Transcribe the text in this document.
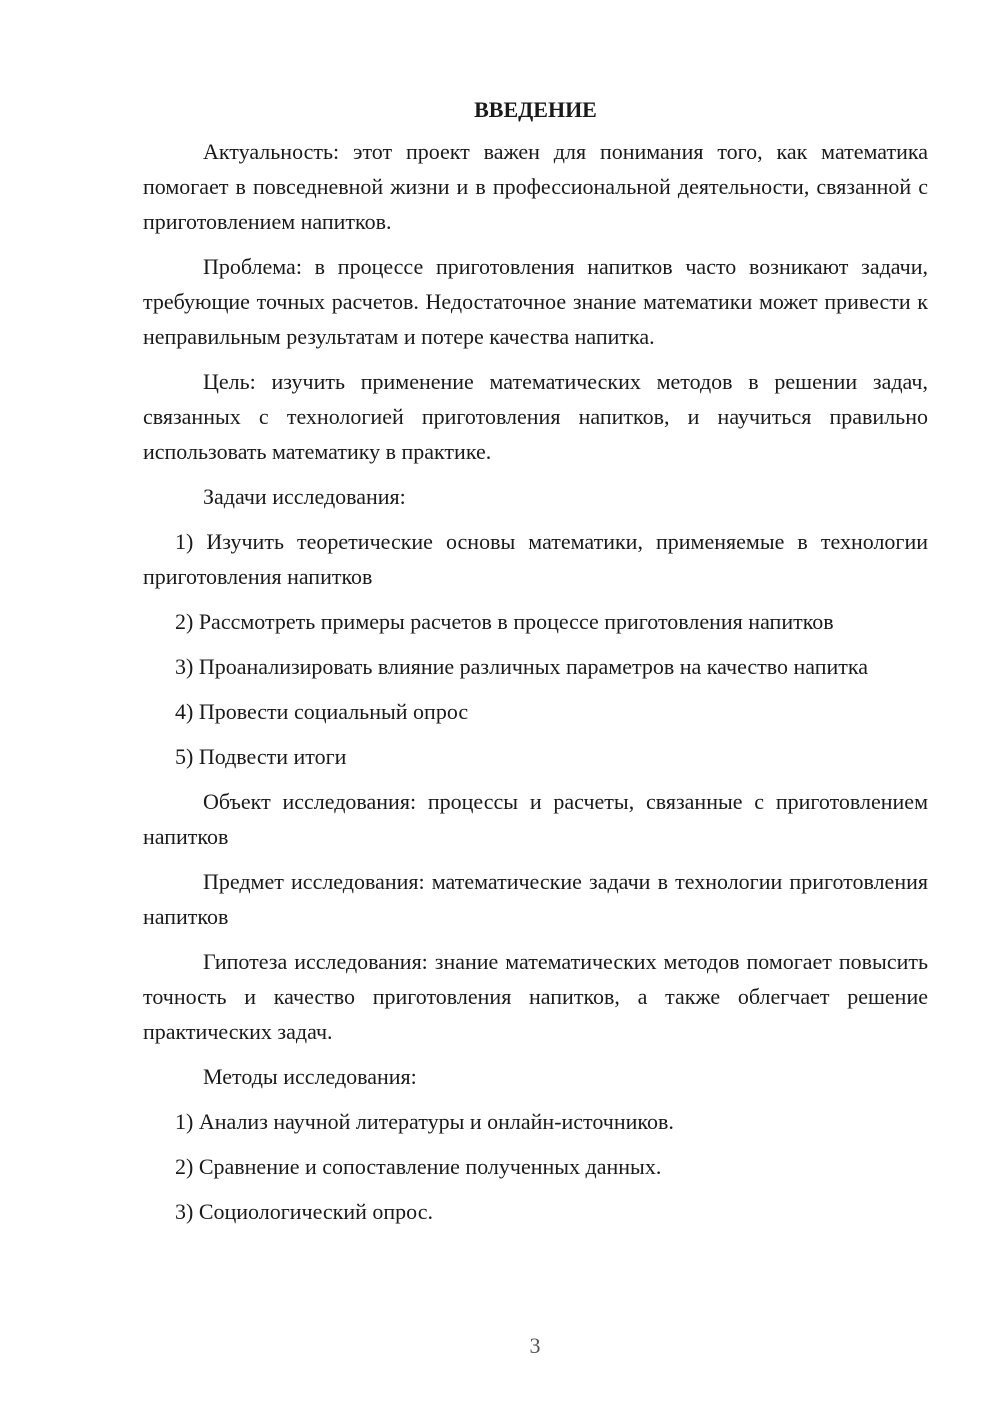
ВВЕДЕНИЕ

Актуальность: этот проект важен для понимания того, как математика помогает в повседневной жизни и в профессиональной деятельности, связанной с приготовлением напитков.

Проблема: в процессе приготовления напитков часто возникают задачи, требующие точных расчетов. Недостаточное знание математики может привести к неправильным результатам и потере качества напитка.

Цель: изучить применение математических методов в решении задач, связанных с технологией приготовления напитков, и научиться правильно использовать математику в практике.

Задачи исследования:

1) Изучить теоретические основы математики, применяемые в технологии приготовления напитков

2) Рассмотреть примеры расчетов в процессе приготовления напитков

3) Проанализировать влияние различных параметров на качество напитка

4) Провести социальный опрос

5) Подвести итоги

Объект исследования: процессы и расчеты, связанные с приготовлением напитков

Предмет исследования: математические задачи в технологии приготовления напитков

Гипотеза исследования: знание математических методов помогает повысить точность и качество приготовления напитков, а также облегчает решение практических задач.

Методы исследования:

1) Анализ научной литературы и онлайн-источников.

2) Сравнение и сопоставление полученных данных.

3) Социологический опрос.

3
